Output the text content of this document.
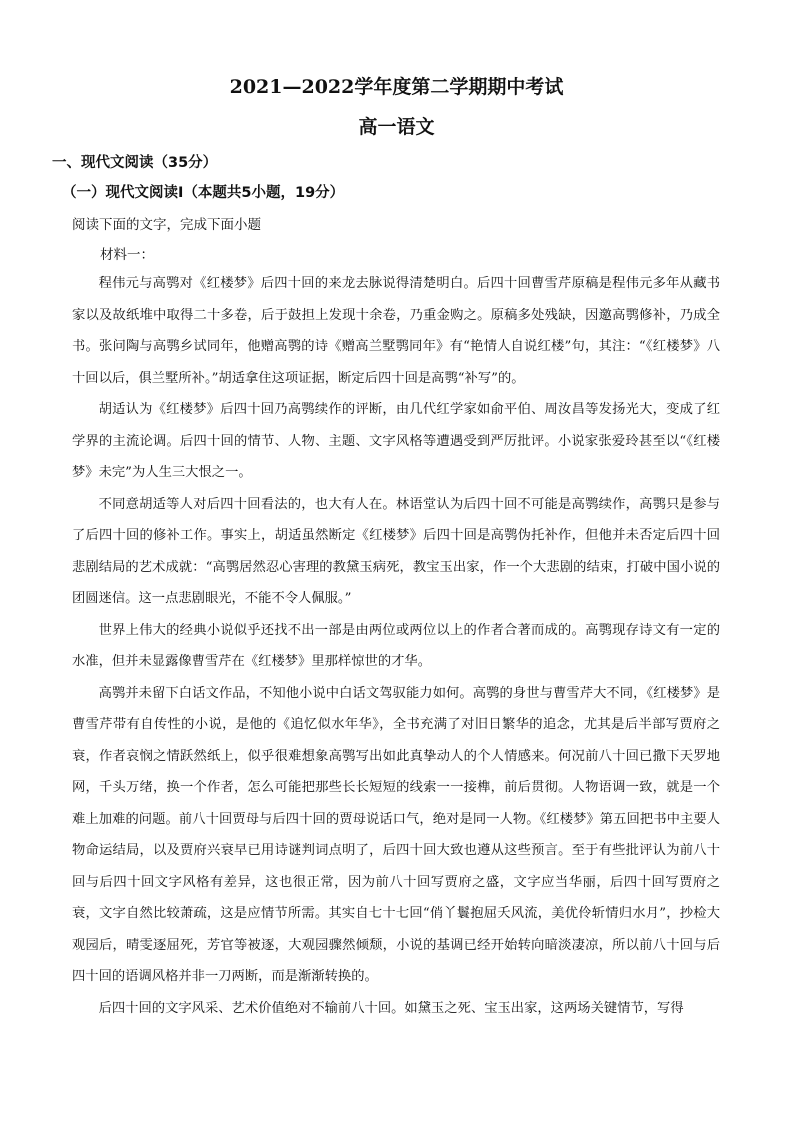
2021—2022学年度第二学期期中考试
高一语文
一、现代文阅读（35分）
（一）现代文阅读I（本题共5小题，19分）
阅读下面的文字，完成下面小题
材料一：

程伟元与高鹗对《红楼梦》后四十回的来龙去脉说得清楚明白。后四十回曹雪芹原稿是程伟元多年从藏书家以及故纸堆中取得二十多卷，后于鼓担上发现十余卷，乃重金购之。原稿多处残缺，因邀高鹗修补，乃成全书。张问陶与高鹗乡试同年，他赠高鹗的诗《赠高兰墅鹗同年》有“艳情人自说红楼”句，其注：“《红楼梦》八十回以后，俱兰墅所补。”胡适拿住这项证据，断定后四十回是高鹗“补写”的。

胡适认为《红楼梦》后四十回乃高鹗续作的评断，由几代红学家如俞平伯、周汝昌等发扬光大，变成了红学界的主流论调。后四十回的情节、人物、主题、文字风格等遭遇受到严厉批评。小说家张爱玲甚至以“《红楼梦》未完”为人生三大恨之一。

不同意胡适等人对后四十回看法的，也大有人在。林语堂认为后四十回不可能是高鹗续作，高鹗只是参与了后四十回的修补工作。事实上，胡适虽然断定《红楼梦》后四十回是高鹗伪托补作，但他并未否定后四十回悲剧结局的艺术成就：“高鹗居然忍心害理的教黛玉病死，教宝玉出家，作一个大悲剧的结束，打破中国小说的团圆迷信。这一点悲剧眼光，不能不令人佩服。”

世界上伟大的经典小说似乎还找不出一部是由两位或两位以上的作者合著而成的。高鹗现存诗文有一定的水准，但并未显露像曹雪芹在《红楼梦》里那样惊世的才华。

高鹗并未留下白话文作品，不知他小说中白话文驾驭能力如何。高鹗的身世与曹雪芹大不同，《红楼梦》是曹雪芹带有自传性的小说，是他的《追忆似水年华》，全书充满了对旧日繁华的追念，尤其是后半部写贾府之衰，作者哀悯之情跃然纸上，似乎很难想象高鹗写出如此真挚动人的个人情感来。何况前八十回已撒下天罗地网，千头万绪，换一个作者，怎么可能把那些长长短短的线索一一接榫，前后贯彻。人物语调一致，就是一个难上加难的问题。前八十回贾母与后四十回的贾母说话口气，绝对是同一人物。《红楼梦》第五回把书中主要人物命运结局，以及贾府兴衰早已用诗谜判词点明了，后四十回大致也遵从这些预言。至于有些批评认为前八十回与后四十回文字风格有差异，这也很正常，因为前八十回写贾府之盛，文字应当华丽，后四十回写贾府之衰，文字自然比较萧疏，这是应情节所需。其实自七十七回“俏丫鬟抱屈夭风流，美优伶斩情归水月”，抄检大观园后，晴雯逐屈死，芳官等被逐，大观园骤然倾颓，小说的基调已经开始转向暗淡凄凉，所以前八十回与后四十回的语调风格并非一刀两断，而是渐渐转换的。

后四十回的文字风采、艺术价值绝对不输前八十回。如黛玉之死、宝玉出家，这两场关键情节，写得
